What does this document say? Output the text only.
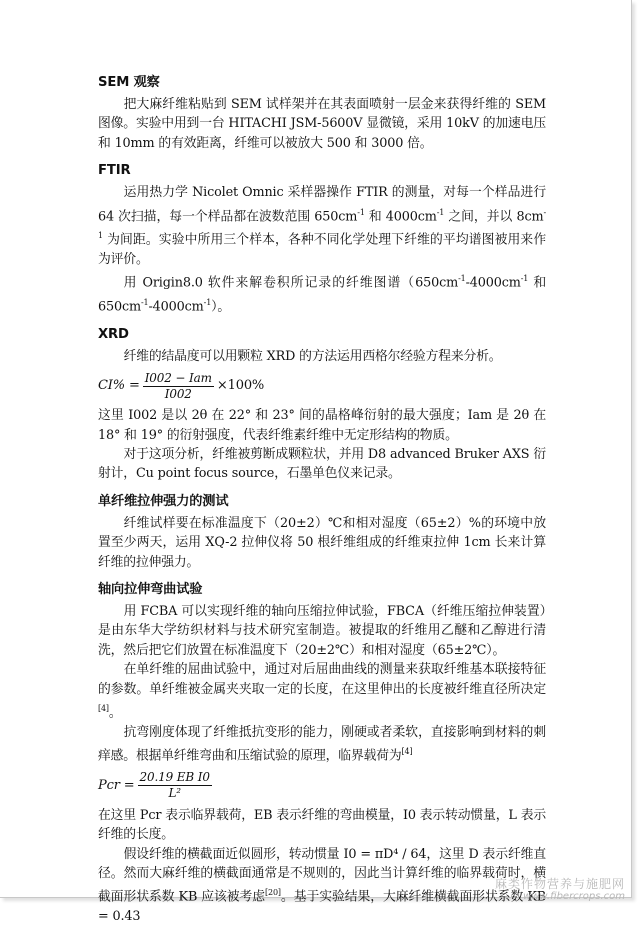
SEM 观察

把大麻纤维粘贴到 SEM 试样架并在其表面喷射一层金来获得纤维的 SEM 图像。实验中用到一台 HITACHI JSM-5600V 显微镜，采用 10kV 的加速电压和 10mm 的有效距离，纤维可以被放大 500 和 3000 倍。

FTIR

运用热力学 Nicolet Omnic 采样器操作 FTIR 的测量，对每一个样品进行 64 次扫描，每一个样品都在波数范围 $650cm^{-1}$ 和 $4000cm^{-1}$ 之间，并以 $8cm^{-1}$ 为间距。实验中所用三个样本，各种不同化学处理下纤维的平均谱图被用来作为评价。

用 Origin8.0 软件来解卷积所记录的纤维图谱（$650cm^{-1}-4000cm^{-1}$ 和 $650cm^{-1}-4000cm^{-1}$）。

XRD

纤维的结晶度可以用颗粒 XRD 的方法运用西格尔经验方程来分析。

$CI\% = \frac{\text{I002 − Iam}}{I002} \times 100\%$

这里 I002 是以 2θ 在 22° 和 23° 间的晶格峰衍射的最大强度；Iam 是 2θ 在 18° 和 19° 的衍射强度，代表纤维素纤维中无定形结构的物质。

对于这项分析，纤维被剪断成颗粒状，并用 D8 advanced Bruker AXS 衍射计，Cu point focus source，石墨单色仪来记录。

单纤维拉伸强力的测试

纤维试样要在标准温度下（20±2）℃和相对湿度（65±2）%的环境中放置至少两天，运用 XQ-2 拉伸仪将 50 根纤维组成的纤维束拉伸 1cm 长来计算纤维的拉伸强力。

轴向拉伸弯曲试验

用 FCBA 可以实现纤维的轴向压缩拉伸试验，FBCA（纤维压缩拉伸装置）是由东华大学纺织材料与技术研究室制造。被提取的纤维用乙醚和乙醇进行清洗，然后把它们放置在标准温度下（20±2℃）和相对湿度（65±2℃）。

在单纤维的屈曲试验中，通过对后屈曲曲线的测量来获取纤维基本联接特征的参数。单纤维被金属夹夹取一定的长度，在这里伸出的长度被纤维直径所决定[4]。

抗弯刚度体现了纤维抵抗变形的能力，刚硬或者柔软，直接影响到材料的刺痒感。根据单纤维弯曲和压缩试验的原理，临界载荷为[4]

Pcr = $\frac{\text{20.19 EB I0}}{\text{L²}}$

在这里 Pcr 表示临界载荷，EB 表示纤维的弯曲模量，I0 表示转动惯量，L 表示纤维的长度。

假设纤维的横截面近似圆形，转动惯量 I0 = πD⁴ / 64，这里 D 表示纤维直径。然而大麻纤维的横截面通常是不规则的，因此当计算纤维的临界载荷时，横截面形状系数 KB 应该被考虑[20]。基于实验结果，大麻纤维横截面形状系数 KB = 0.43

麻类作物营养与施肥网
www.fibercrops.com
